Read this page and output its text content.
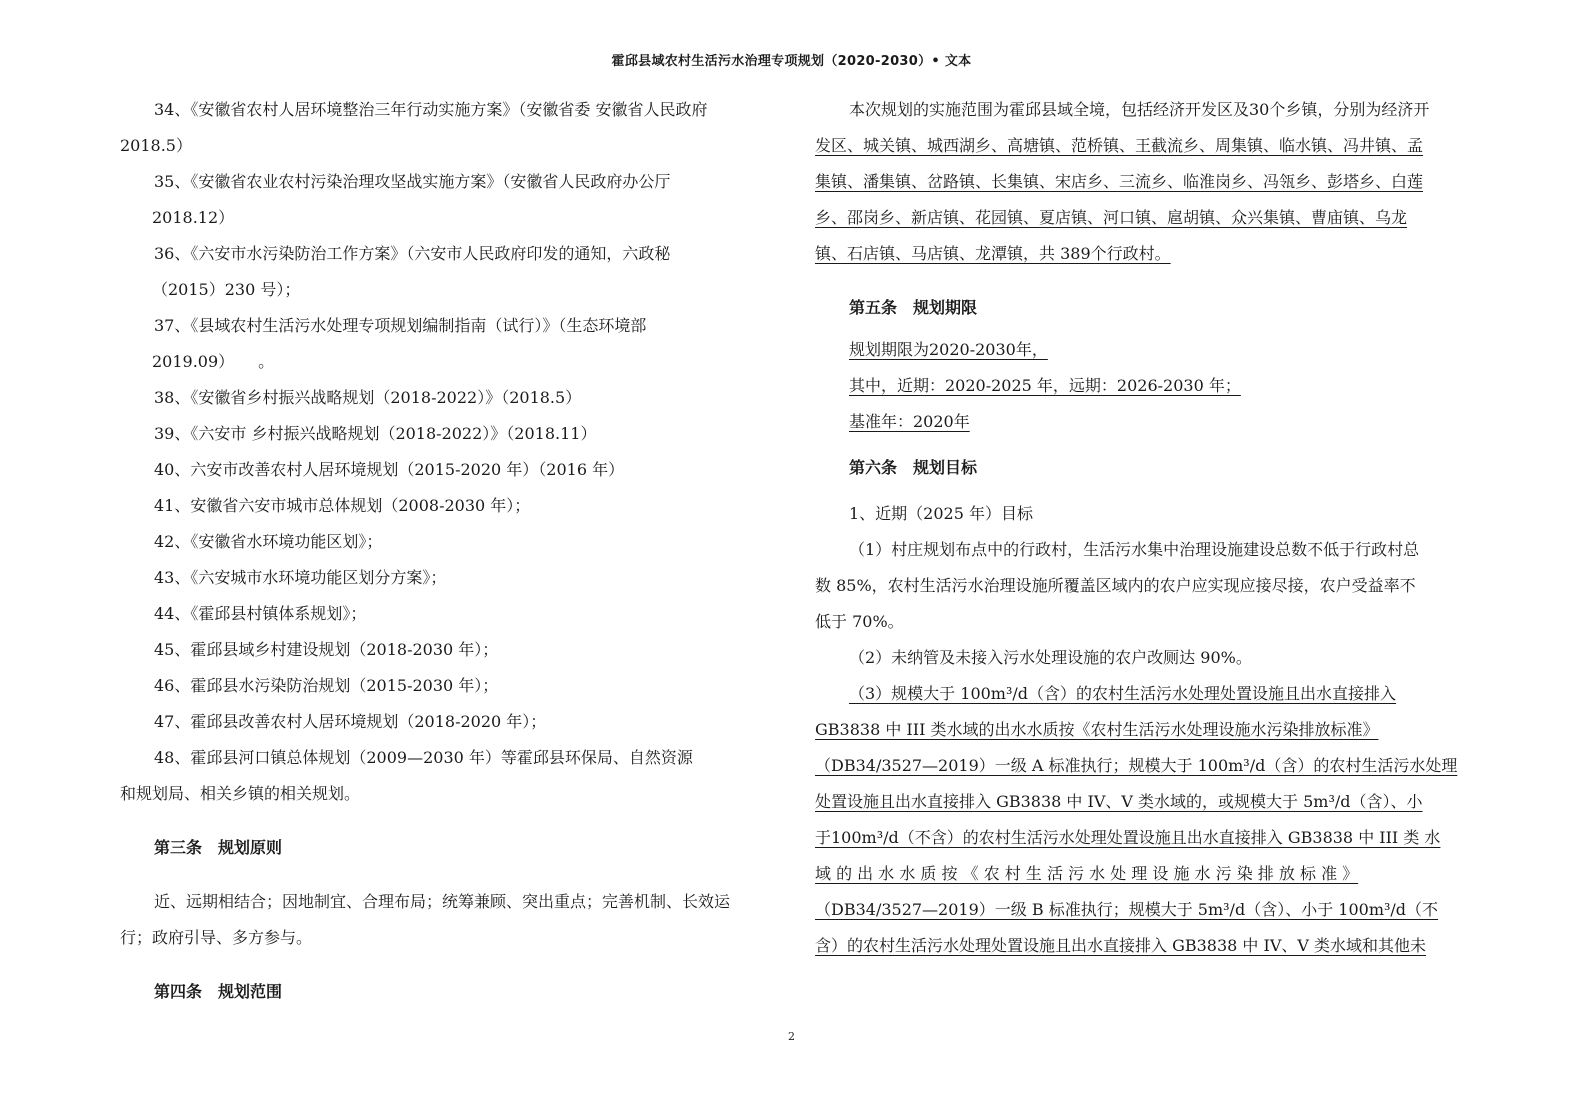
霍邱县域农村生活污水治理专项规划（2020-2030）• 文本

34、《安徽省农村人居环境整治三年行动实施方案》（安徽省委 安徽省人民政府

2018.5）

35、《安徽省农业农村污染治理攻坚战实施方案》（安徽省人民政府办公厅

2018.12）

36、《六安市水污染防治工作方案》（六安市人民政府印发的通知，六政秘

（2015）230 号）；

37、《县域农村生活污水处理专项规划编制指南（试行）》（生态环境部

2019.09）　　。

38、《安徽省乡村振兴战略规划（2018-2022）》（2018.5）

39、《六安市 乡村振兴战略规划（2018-2022）》（2018.11）

40、六安市改善农村人居环境规划（2015-2020 年）（2016 年）

41、安徽省六安市城市总体规划（2008-2030 年）；

42、《安徽省水环境功能区划》；

43、《六安城市水环境功能区划分方案》；

44、《霍邱县村镇体系规划》；

45、霍邱县域乡村建设规划（2018-2030 年）；

46、霍邱县水污染防治规划（2015-2030 年）；

47、霍邱县改善农村人居环境规划（2018-2020 年）；

48、霍邱县河口镇总体规划（2009—2030 年）等霍邱县环保局、自然资源

和规划局、相关乡镇的相关规划。

第三条　规划原则

近、远期相结合；因地制宜、合理布局；统筹兼顾、突出重点；完善机制、长效运

行；政府引导、多方参与。

第四条　规划范围

本次规划的实施范围为霍邱县域全境，包括经济开发区及30个乡镇，分别为经济开

发区、城关镇、城西湖乡、高塘镇、范桥镇、王截流乡、周集镇、临水镇、冯井镇、孟

集镇、潘集镇、岔路镇、长集镇、宋店乡、三流乡、临淮岗乡、冯瓴乡、彭塔乡、白莲

乡、邵岗乡、新店镇、花园镇、夏店镇、河口镇、扈胡镇、众兴集镇、曹庙镇、乌龙

镇、石店镇、马店镇、龙潭镇，共 389个行政村。

第五条　规划期限

规划期限为2020-2030年，

其中，近期：2020-2025 年，远期：2026-2030 年；

基准年：2020年

第六条　规划目标

1、近期（2025 年）目标

（1）村庄规划布点中的行政村，生活污水集中治理设施建设总数不低于行政村总

数 85%，农村生活污水治理设施所覆盖区域内的农户应实现应接尽接，农户受益率不

低于 70%。

（2）未纳管及未接入污水处理设施的农户改厕达 90%。

（3）规模大于 100m³/d（含）的农村生活污水处理处置设施且出水直接排入

GB3838 中 III 类水域的出水水质按《农村生活污水处理设施水污染排放标准》

（DB34/3527—2019）一级 A 标准执行；规模大于 100m³/d（含）的农村生活污水处理

处置设施且出水直接排入 GB3838 中 IV、V 类水域的，或规模大于 5m³/d（含）、小

于100m³/d（不含）的农村生活污水处理处置设施且出水直接排入 GB3838 中 III 类 水

域 的 出 水 水 质 按 《 农 村 生 活 污 水 处 理 设 施 水 污 染 排 放 标 准 》

（DB34/3527—2019）一级 B 标准执行；规模大于 5m³/d（含）、小于 100m³/d（不

含）的农村生活污水处理处置设施且出水直接排入 GB3838 中 IV、V 类水域和其他未

2
